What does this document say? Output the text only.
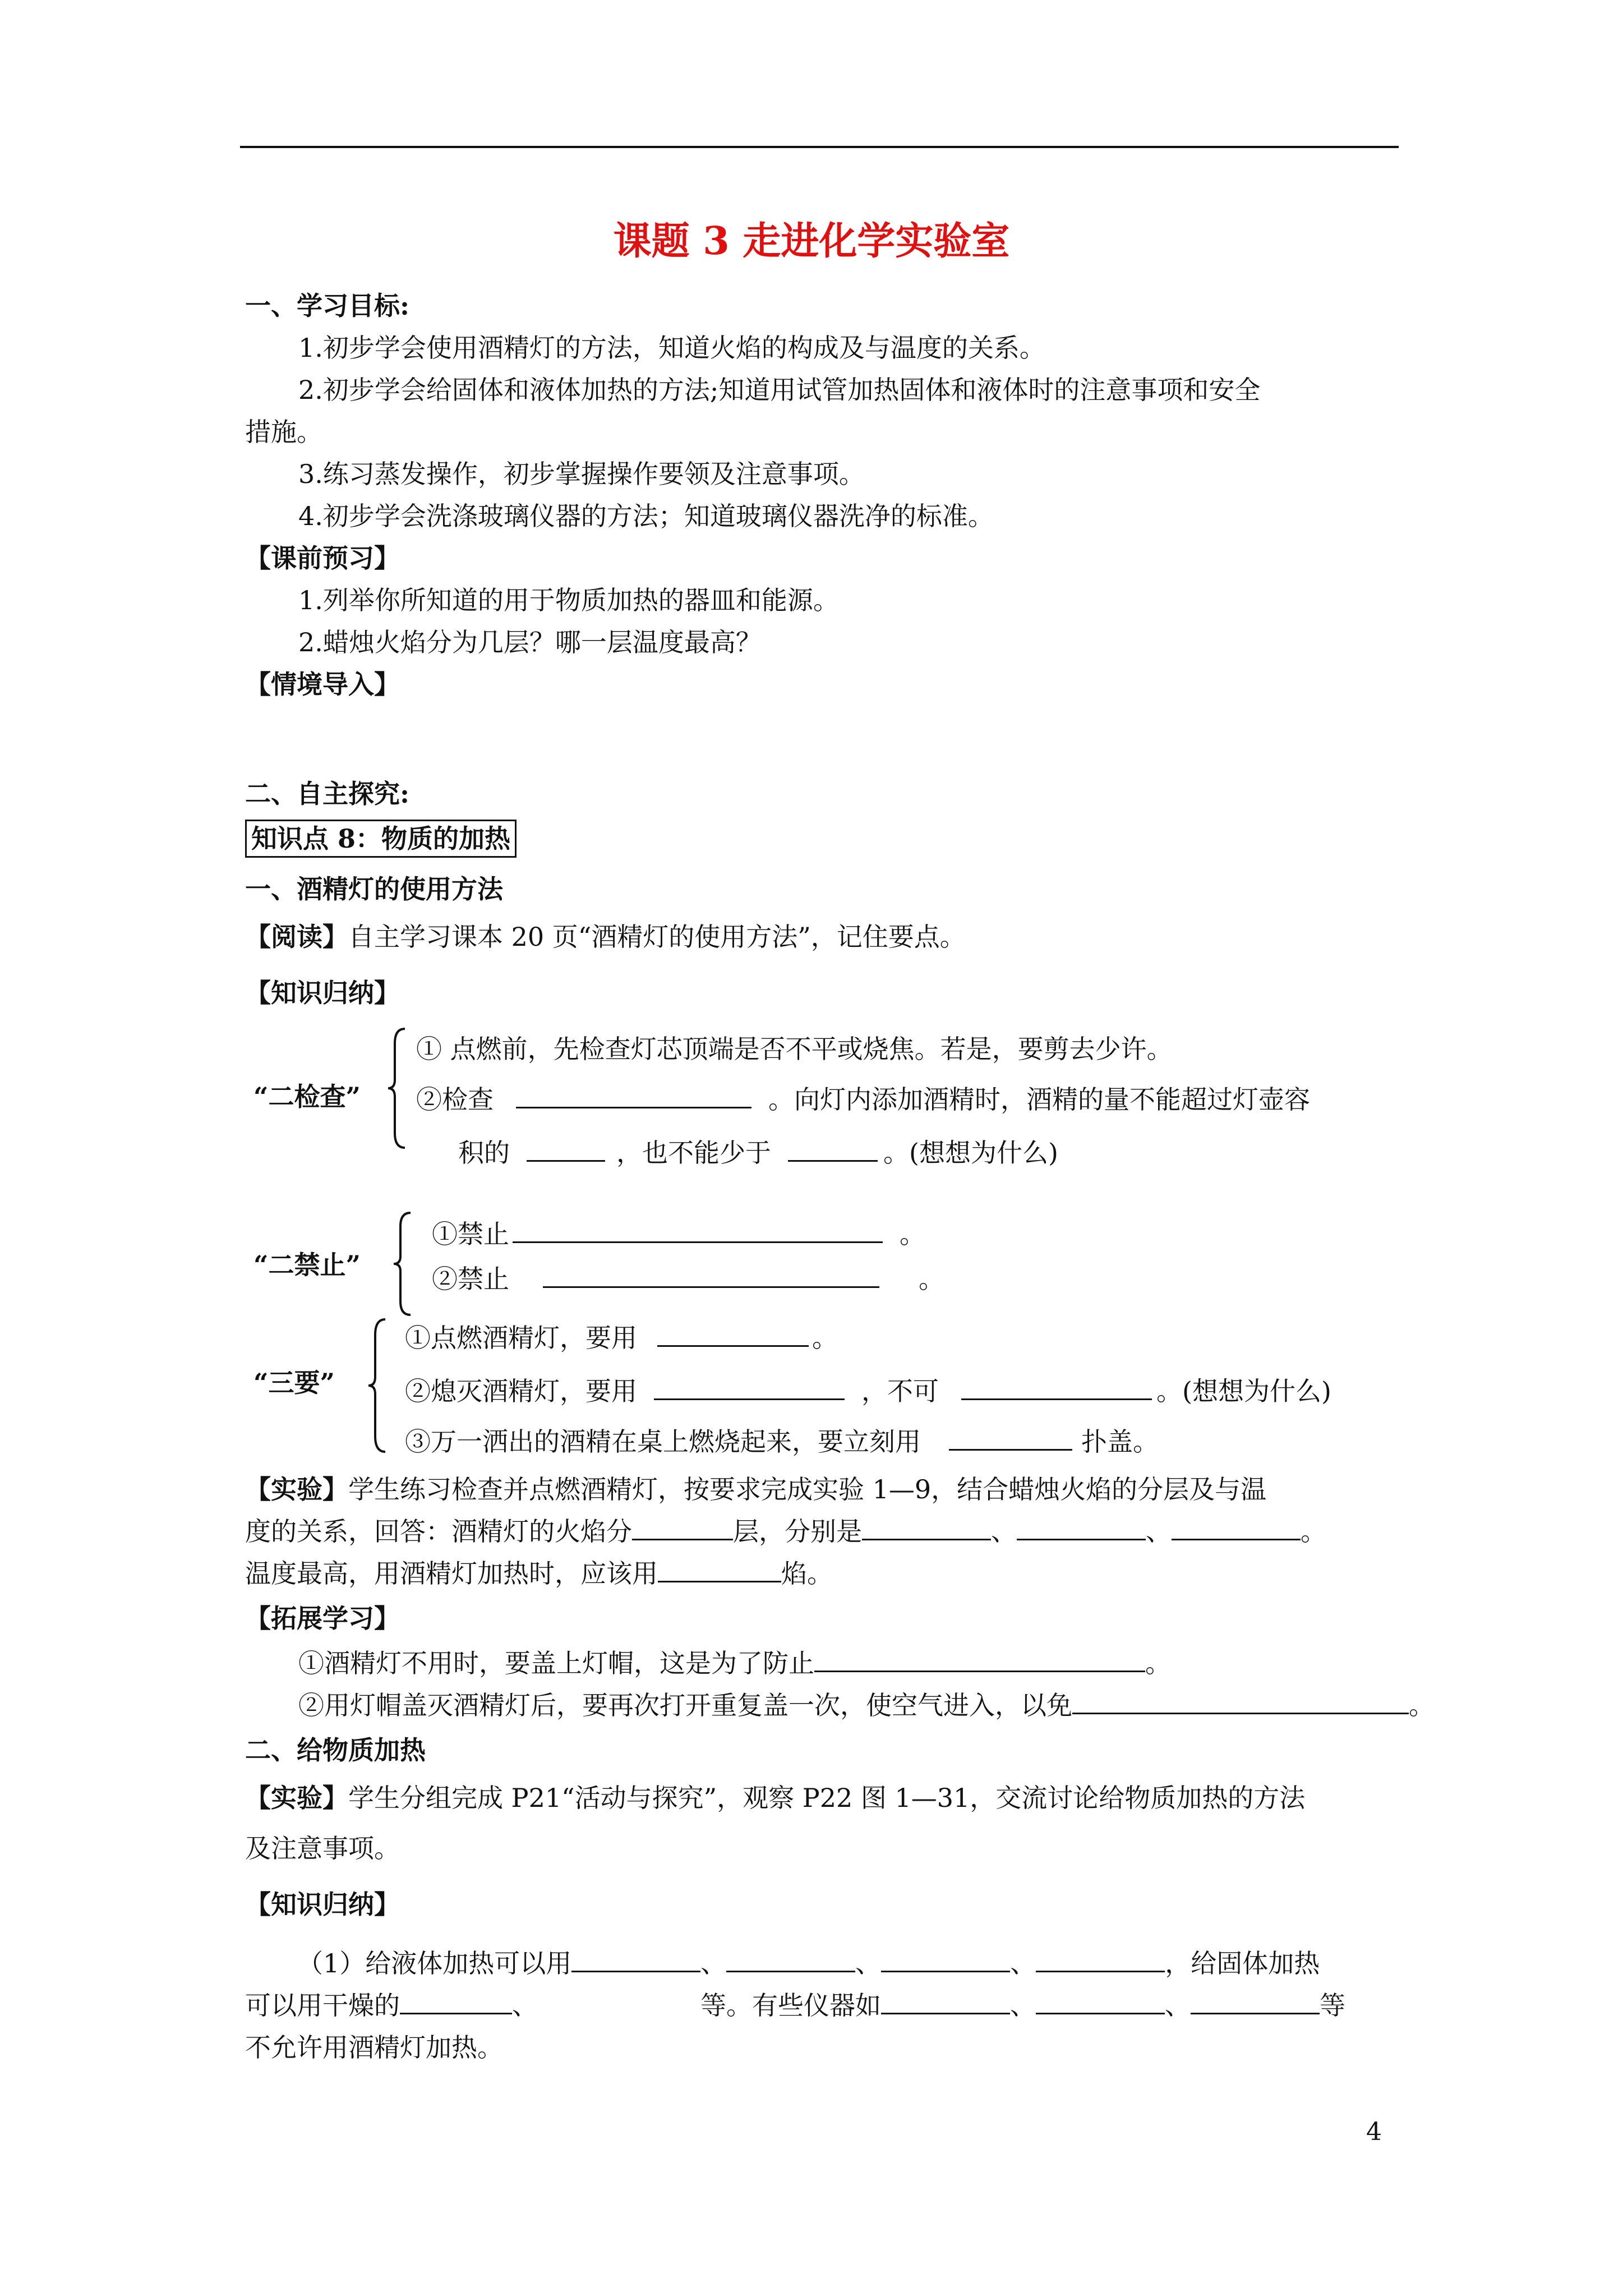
课题 3 走进化学实验室
一、学习目标:
1.初步学会使用酒精灯的方法，知道火焰的构成及与温度的关系。
2.初步学会给固体和液体加热的方法;知道用试管加热固体和液体时的注意事项和安全
措施。
3.练习蒸发操作，初步掌握操作要领及注意事项。
4.初步学会洗涤玻璃仪器的方法；知道玻璃仪器洗净的标准。
【课前预习】
1.列举你所知道的用于物质加热的器皿和能源。
2.蜡烛火焰分为几层？哪一层温度最高？
【情境导入】
二、自主探究:
知识点 8：物质的加热
一、酒精灯的使用方法
【阅读】自主学习课本 20 页“酒精灯的使用方法”，记住要点。
【知识归纳】
“二检查”
① 点燃前，先检查灯芯顶端是否不平或烧焦。若是，要剪去少许。
②检查	。向灯内添加酒精时，酒精的量不能超过灯壶容
积的	，也不能少于	。(想想为什么)
“二禁止”
①禁止	。
②禁止	。
“三要”
①点燃酒精灯，要用	。
②熄灭酒精灯，要用	，不可	。(想想为什么)
③万一洒出的酒精在桌上燃烧起来，要立刻用	扑盖。
【实验】学生练习检查并点燃酒精灯，按要求完成实验 1—9，结合蜡烛火焰的分层及与温
度的关系，回答：酒精灯的火焰分	层，分别是	、	、	。
温度最高，用酒精灯加热时，应该用	焰。
【拓展学习】
①酒精灯不用时，要盖上灯帽，这是为了防止	。
②用灯帽盖灭酒精灯后，要再次打开重复盖一次，使空气进入，以免	。
二、给物质加热
【实验】学生分组完成 P21“活动与探究”，观察 P22 图 1—31，交流讨论给物质加热的方法
及注意事项。
【知识归纳】
（1）给液体加热可以用	、	、	、	，给固体加热
可以用干燥的	、	等。有些仪器如	、	、	等
不允许用酒精灯加热。
4
